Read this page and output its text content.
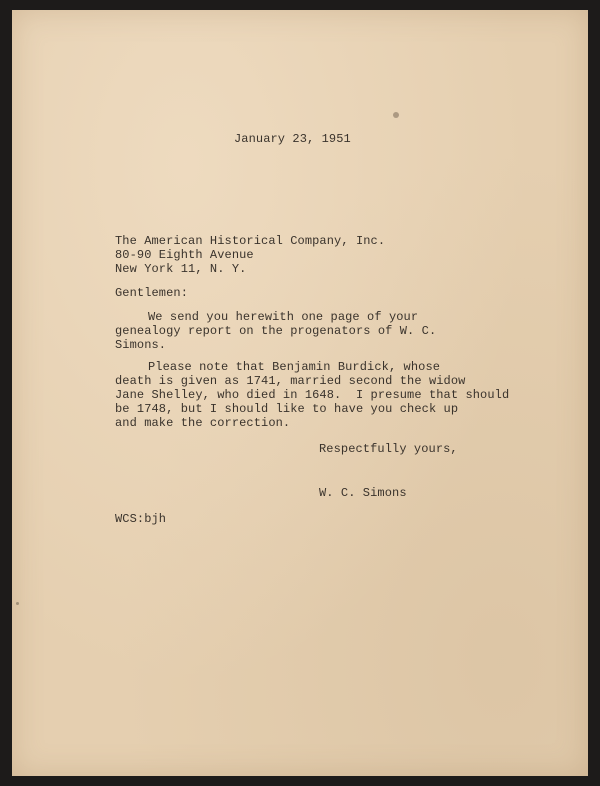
January 23, 1951
The American Historical Company, Inc.
80-90 Eighth Avenue
New York 11, N. Y.
Gentlemen:
We send you herewith one page of your
genealogy report on the progenators of W. C.
Simons.
Please note that Benjamin Burdick, whose
death is given as 1741, married second the widow
Jane Shelley, who died in 1648.  I presume that should
be 1748, but I should like to have you check up
and make the correction.
Respectfully yours,
W. C. Simons
WCS:bjh
